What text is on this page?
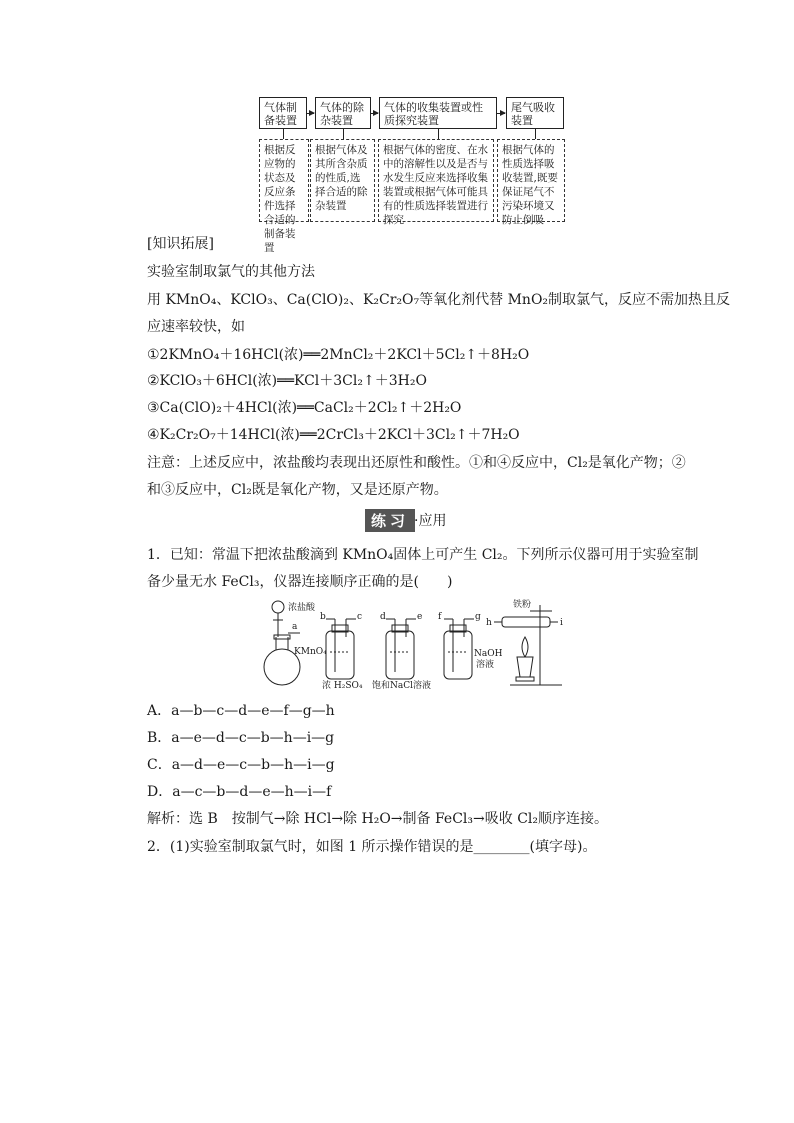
气体制备装置
气体的除杂装置
气体的收集装置或性质探究装置
尾气吸收装置
根据反应物的状态及反应条件选择合适的制备装置
根据气体及其所含杂质的性质,选择合适的除杂装置
根据气体的密度、在水中的溶解性以及是否与水发生反应来选择收集装置或根据气体可能具有的性质选择装置进行探究
根据气体的性质选择吸收装置,既要保证尾气不污染环境又防止倒吸
[知识拓展]
实验室制取氯气的其他方法
用 KMnO₄、KClO₃、Ca(ClO)₂、K₂Cr₂O₇等氧化剂代替 MnO₂制取氯气，反应不需加热且反
应速率较快，如
①2KMnO₄＋16HCl(浓)══2MnCl₂＋2KCl＋5Cl₂↑＋8H₂O
②KClO₃＋6HCl(浓)══KCl＋3Cl₂↑＋3H₂O
③Ca(ClO)₂＋4HCl(浓)══CaCl₂＋2Cl₂↑＋2H₂O
④K₂Cr₂O₇＋14HCl(浓)══2CrCl₃＋2KCl＋3Cl₂↑＋7H₂O
注意：上述反应中，浓盐酸均表现出还原性和酸性。①和④反应中，Cl₂是氧化产物；②
和③反应中，Cl₂既是氧化产物，又是还原产物。
练习 ·应用
1．已知：常温下把浓盐酸滴到 KMnO₄固体上可产生 Cl₂。下列所示仪器可用于实验室制
备少量无水 FeCl₃，仪器连接顺序正确的是(　　)
浓盐酸
a
KMnO₄
b	c d	e f	g
浓 H₂SO₄ 饱和NaCl溶液
NaOH
溶液
铁粉
h	i
A．a—b—c—d—e—f—g—h
B．a—e—d—c—b—h—i—g
C．a—d—e—c—b—h—i—g
D．a—c—b—d—e—h—i—f
解析：选 B　按制气→除 HCl→除 H₂O→制备 FeCl₃→吸收 Cl₂顺序连接。
2．(1)实验室制取氯气时，如图 1 所示操作错误的是________(填字母)。
